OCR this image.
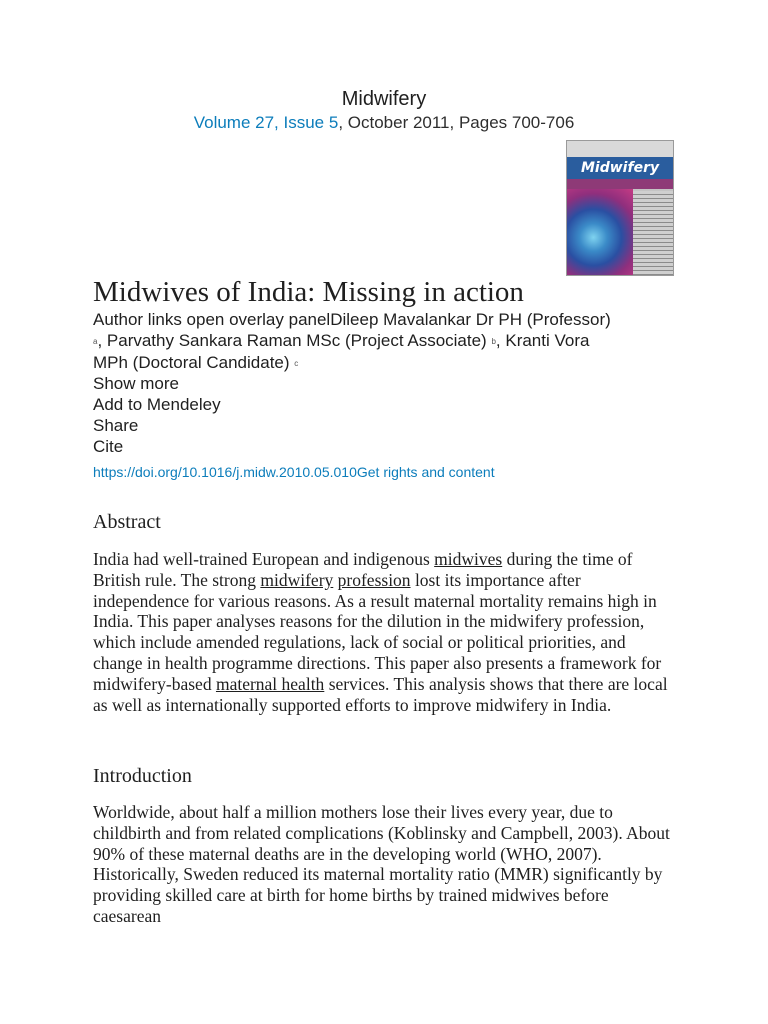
Midwifery
Volume 27, Issue 5, October 2011, Pages 700-706
Midwifery
Midwives of India: Missing in action

Author links open overlay panelDileep Mavalankar Dr PH (Professor) a, Parvathy Sankara Raman MSc (Project Associate) b, Kranti Vora MPh (Doctoral Candidate) c

Show more
Add to Mendeley
Share
Cite
https://doi.org/10.1016/j.midw.2010.05.010Get rights and content
Abstract

India had well-trained European and indigenous midwives during the time of British rule. The strong midwifery profession lost its importance after independence for various reasons. As a result maternal mortality remains high in India. This paper analyses reasons for the dilution in the midwifery profession, which include amended regulations, lack of social or political priorities, and change in health programme directions. This paper also presents a framework for midwifery-based maternal health services. This analysis shows that there are local as well as internationally supported efforts to improve midwifery in India.

Introduction

Worldwide, about half a million mothers lose their lives every year, due to childbirth and from related complications (Koblinsky and Campbell, 2003). About 90% of these maternal deaths are in the developing world (WHO, 2007). Historically, Sweden reduced its maternal mortality ratio (MMR) significantly by providing skilled care at birth for home births by trained midwives before caesarean
